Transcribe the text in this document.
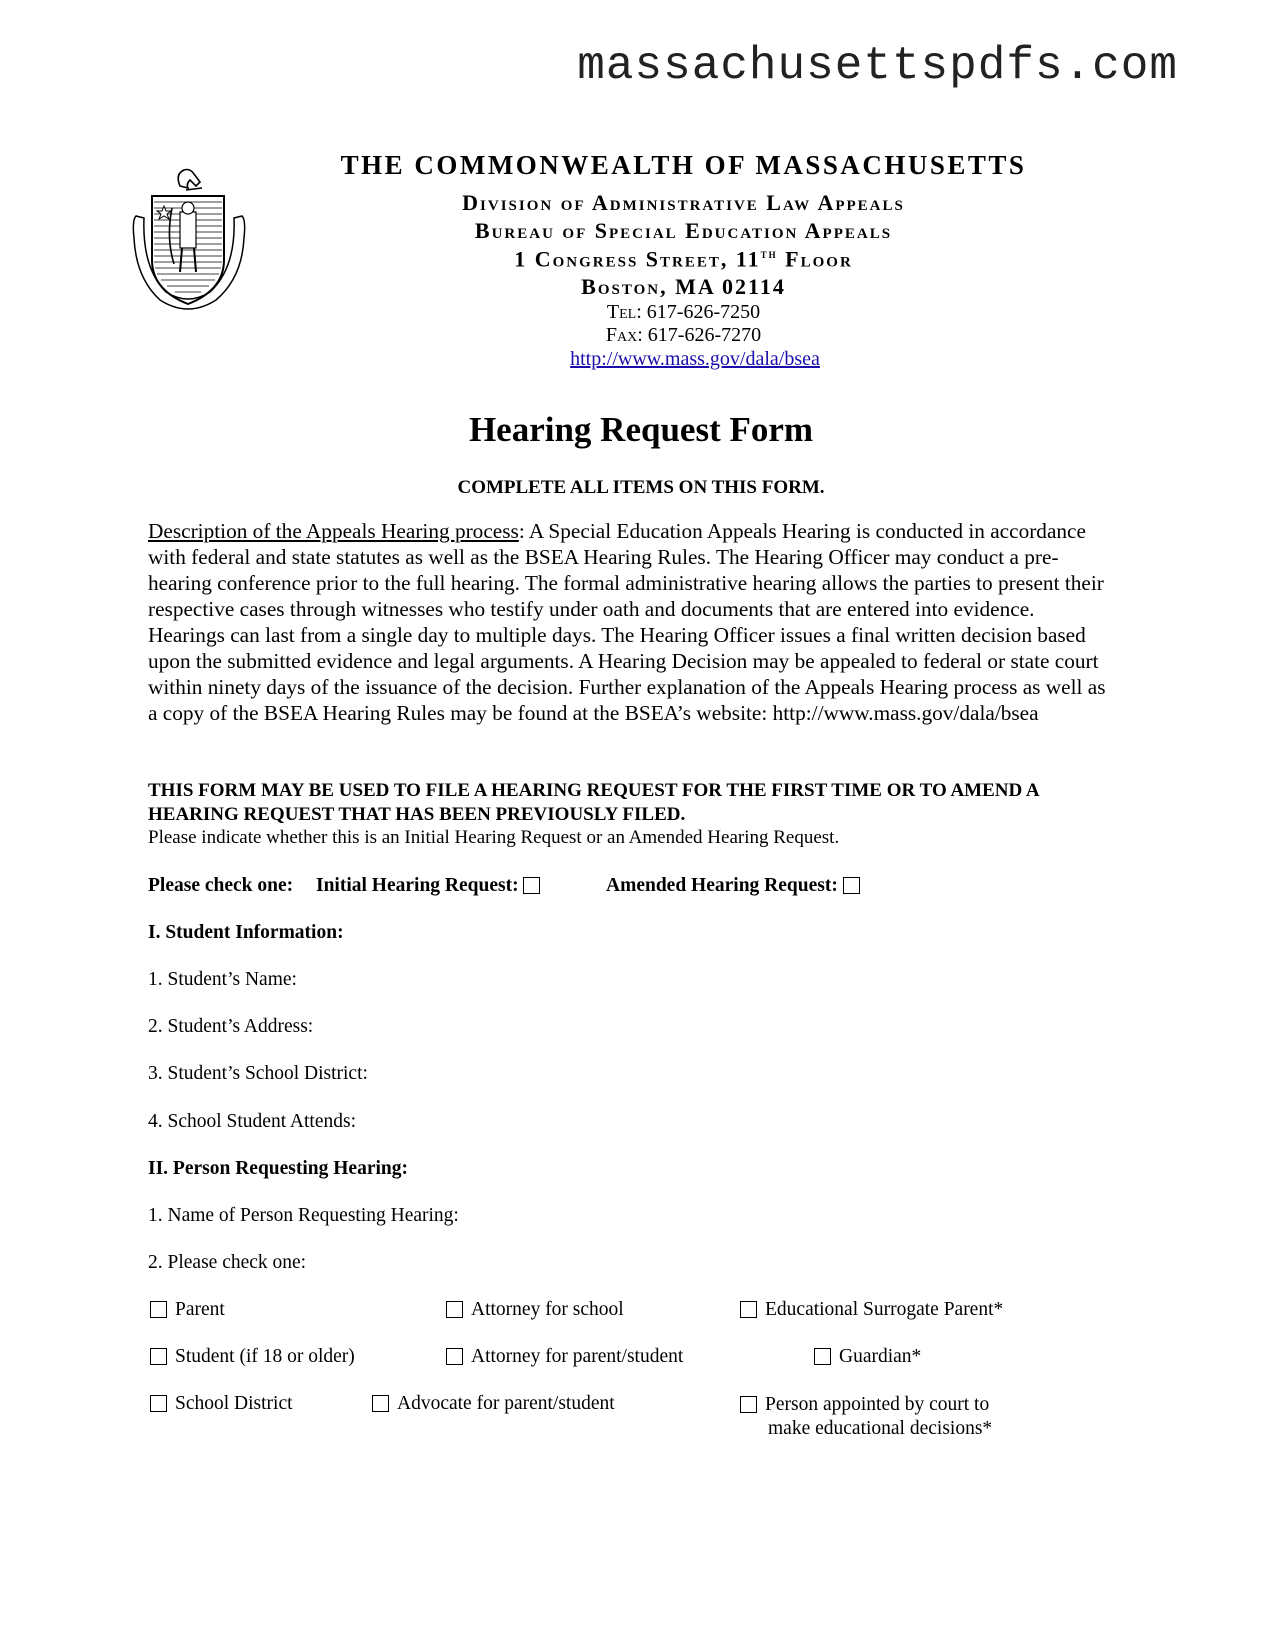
massachusettspdfs.com
THE COMMONWEALTH OF MASSACHUSETTS
Division of Administrative Law Appeals
Bureau of Special Education Appeals
1 Congress Street, 11th Floor
Boston, MA 02114
Tel: 617-626-7250
Fax: 617-626-7270
http://www.mass.gov/dala/bsea
Hearing Request Form
COMPLETE ALL ITEMS ON THIS FORM.
Description of the Appeals Hearing process: A Special Education Appeals Hearing is conducted in accordance with federal and state statutes as well as the BSEA Hearing Rules. The Hearing Officer may conduct a pre-hearing conference prior to the full hearing. The formal administrative hearing allows the parties to present their respective cases through witnesses who testify under oath and documents that are entered into evidence. Hearings can last from a single day to multiple days. The Hearing Officer issues a final written decision based upon the submitted evidence and legal arguments. A Hearing Decision may be appealed to federal or state court within ninety days of the issuance of the decision. Further explanation of the Appeals Hearing process as well as a copy of the BSEA Hearing Rules may be found at the BSEA’s website: http://www.mass.gov/dala/bsea
THIS FORM MAY BE USED TO FILE A HEARING REQUEST FOR THE FIRST TIME OR TO AMEND A HEARING REQUEST THAT HAS BEEN PREVIOUSLY FILED.
Please indicate whether this is an Initial Hearing Request or an Amended Hearing Request.
Please check one: Initial Hearing Request:	Amended Hearing Request:
I. Student Information:
1. Student’s Name:
2. Student’s Address:
3. Student’s School District:
4. School Student Attends:
II. Person Requesting Hearing:
1. Name of Person Requesting Hearing:
2. Please check one:
Parent	Attorney for school	Educational Surrogate Parent*
Student (if 18 or older)	Attorney for parent/student	Guardian*
School District	Advocate for parent/student	Person appointed by court to
make educational decisions*
